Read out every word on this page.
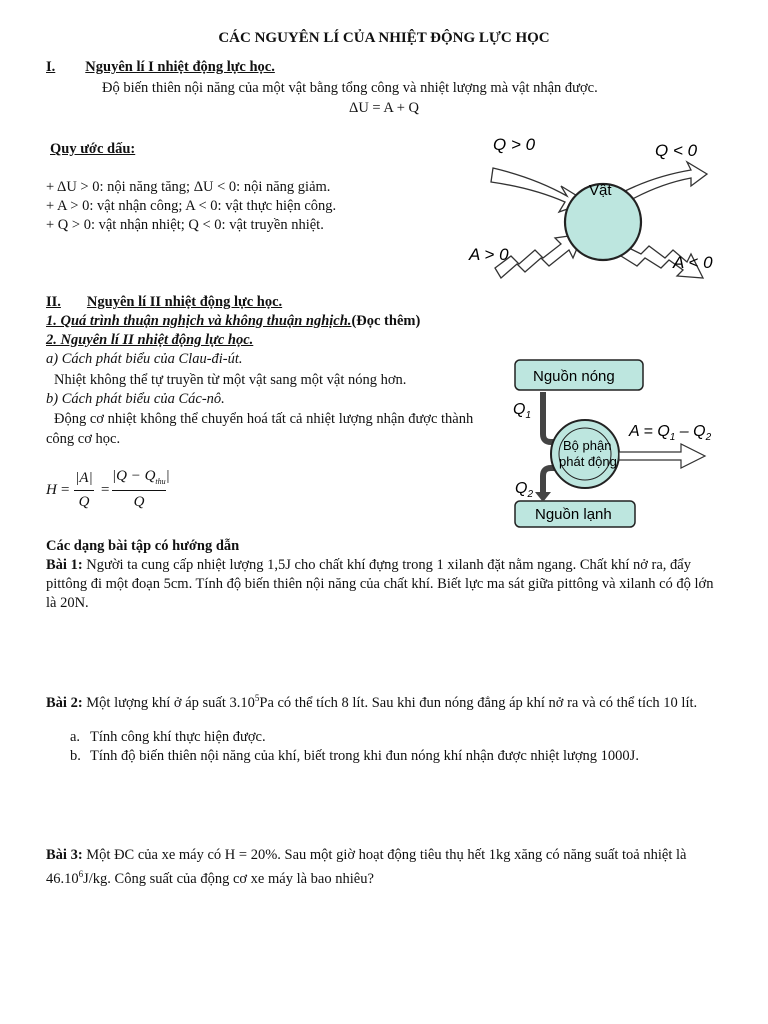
CÁC NGUYÊN LÍ CỦA NHIỆT ĐỘNG LỰC HỌC
I. Nguyên lí I nhiệt động lực học.
Độ biến thiên nội năng của một vật bằng tổng công và nhiệt lượng mà vật nhận được.
ΔU = A + Q
Quy ước dấu:
+ ΔU > 0: nội năng tăng; ΔU < 0: nội năng giảm.
+ A > 0: vật nhận công; A < 0: vật thực hiện công.
+ Q > 0: vật nhận nhiệt; Q < 0: vật truyền nhiệt.
Vật
Q > 0	Q < 0
A > 0	A < 0
II. Nguyên lí II nhiệt động lực học.
1. Quá trình thuận nghịch và không thuận nghịch.(Đọc thêm)
2. Nguyên lí II nhiệt động lực học.
a) Cách phát biểu của Clau-đi-út.
Nhiệt không thể tự truyền từ một vật sang một vật nóng hơn.
b) Cách phát biểu của Các-nô.
Động cơ nhiệt không thể chuyển hoá tất cả nhiệt lượng nhận được thành công cơ học.
H =
|A|
Q
=
$|Q - Q_{thu}|$
Q
Nguồn nóng
Nguồn lạnh
Bộ phận
phát động
$Q_1$
$Q_2$
$A = Q_1 - Q_2$
Các dạng bài tập có hướng dẫn
Bài 1: Người ta cung cấp nhiệt lượng 1,5J cho chất khí đựng trong 1 xilanh đặt nằm ngang. Chất khí nở ra, đẩy pittông đi một đoạn 5cm. Tính độ biến thiên nội năng của chất khí. Biết lực ma sát giữa pittông và xilanh có độ lớn là 20N.
Bài 2: Một lượng khí ở áp suất 3.10$^5$Pa có thể tích 8 lít. Sau khi đun nóng đẳng áp khí nở ra và có thể tích 10 lít.
a. Tính công khí thực hiện được.
b. Tính độ biến thiên nội năng của khí, biết trong khi đun nóng khí nhận được nhiệt lượng 1000J.
Bài 3: Một ĐC của xe máy có H = 20%. Sau một giờ hoạt động tiêu thụ hết 1kg xăng có năng suất toả nhiệt là 46.10$^6$J/kg. Công suất của động cơ xe máy là bao nhiêu?
